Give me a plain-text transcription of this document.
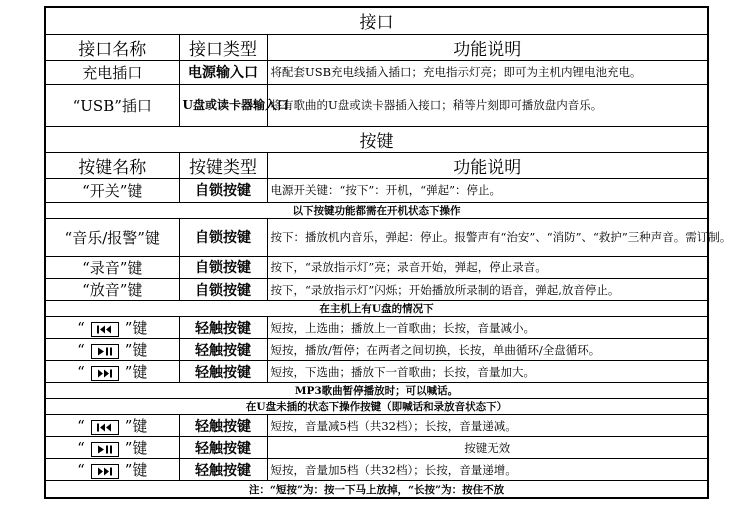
接口		
接口名称	接口类型	功能说明
充电插口	电源输入口	将配套USB充电线插入插口；充电指示灯亮；即可为主机内锂电池充电。
“USB”插口	U盘或读卡器输入口	将有歌曲的U盘或读卡器插入接口；稍等片刻即可播放盘内音乐。
按键		
按键名称	按键类型	功能说明
“开关”键	自锁按键	电源开关键：“按下”：开机，“弹起”：停止。
以下按键功能都需在开机状态下操作		
“音乐/报警”键	自锁按键	按下：播放机内音乐，弹起：停止。报警声有“治安”、“消防”、“救护”三种声音。需订制。
“录音”键	自锁按键	按下，“录放指示灯”亮；录音开始，弹起，停止录音。
“放音”键	自锁按键	按下，“录放指示灯”闪烁；开始播放所录制的语音，弹起,放音停止。
在主机上有U盘的情况下		
“ ”键	轻触按键	短按，上选曲；播放上一首歌曲；长按，音量减小。
“ ”键	轻触按键	短按，播放/暂停；在两者之间切换，长按，单曲循环/全盘循环。
“ ”键	轻触按键	短按，下选曲；播放下一首歌曲；长按，音量加大。
MP3歌曲暂停播放时；可以喊话。		
在U盘未插的状态下操作按键（即喊话和录放音状态下）		
“ ”键	轻触按键	短按，音量减5档（共32档）；长按，音量递减。
“ ”键	轻触按键	按键无效
“ ”键	轻触按键	短按，音量加5档（共32档）；长按，音量递增。
注：“短按”为：按一下马上放掉，“长按”为：按住不放		
